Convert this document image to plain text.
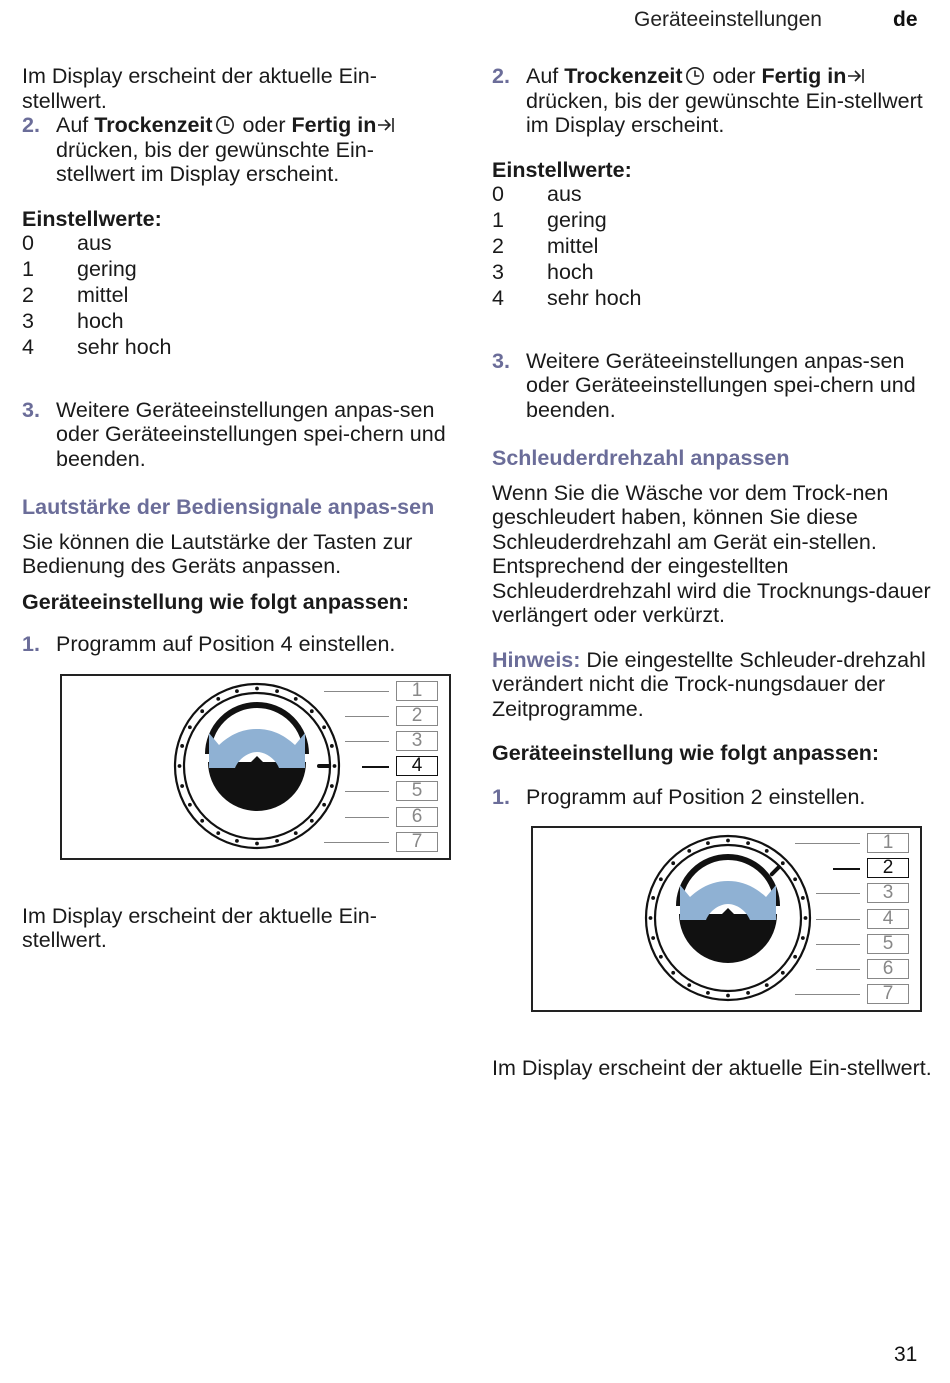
Geräteeinstellungen	de

Im Display erscheint der aktuelle Ein-stellwert.

2. Auf Trockenzeit oder Fertig in drücken, bis der gewünschte Ein-stellwert im Display erscheint.
Einstellwerte:
0	aus
1	gering
2	mittel
3	hoch
4	sehr hoch
3. Weitere Geräteeinstellungen anpas-sen oder Geräteeinstellungen spei-chern und beenden.
Lautstärke der Bediensignale anpas-sen

Sie können die Lautstärke der Tasten zur Bedienung des Geräts anpassen.

Geräteeinstellung wie folgt anpassen:

1. Programm auf Position 4 einstellen.
1
2
3
4
5
6
7

Im Display erscheint der aktuelle Ein-stellwert.

2. Auf Trockenzeit oder Fertig in drücken, bis der gewünschte Ein-stellwert im Display erscheint.
Einstellwerte:
0	aus
1	gering
2	mittel
3	hoch
4	sehr hoch
3. Weitere Geräteeinstellungen anpas-sen oder Geräteeinstellungen spei-chern und beenden.
Schleuderdrehzahl anpassen

Wenn Sie die Wäsche vor dem Trock-nen geschleudert haben, können Sie diese Schleuderdrehzahl am Gerät ein-stellen. Entsprechend der eingestellten Schleuderdrehzahl wird die Trocknungs-dauer verlängert oder verkürzt.

Hinweis: Die eingestellte Schleuder-drehzahl verändert nicht die Trock-nungsdauer der Zeitprogramme.

Geräteeinstellung wie folgt anpassen:

1. Programm auf Position 2 einstellen.
1
2
3
4
5
6
7

Im Display erscheint der aktuelle Ein-stellwert.

31
